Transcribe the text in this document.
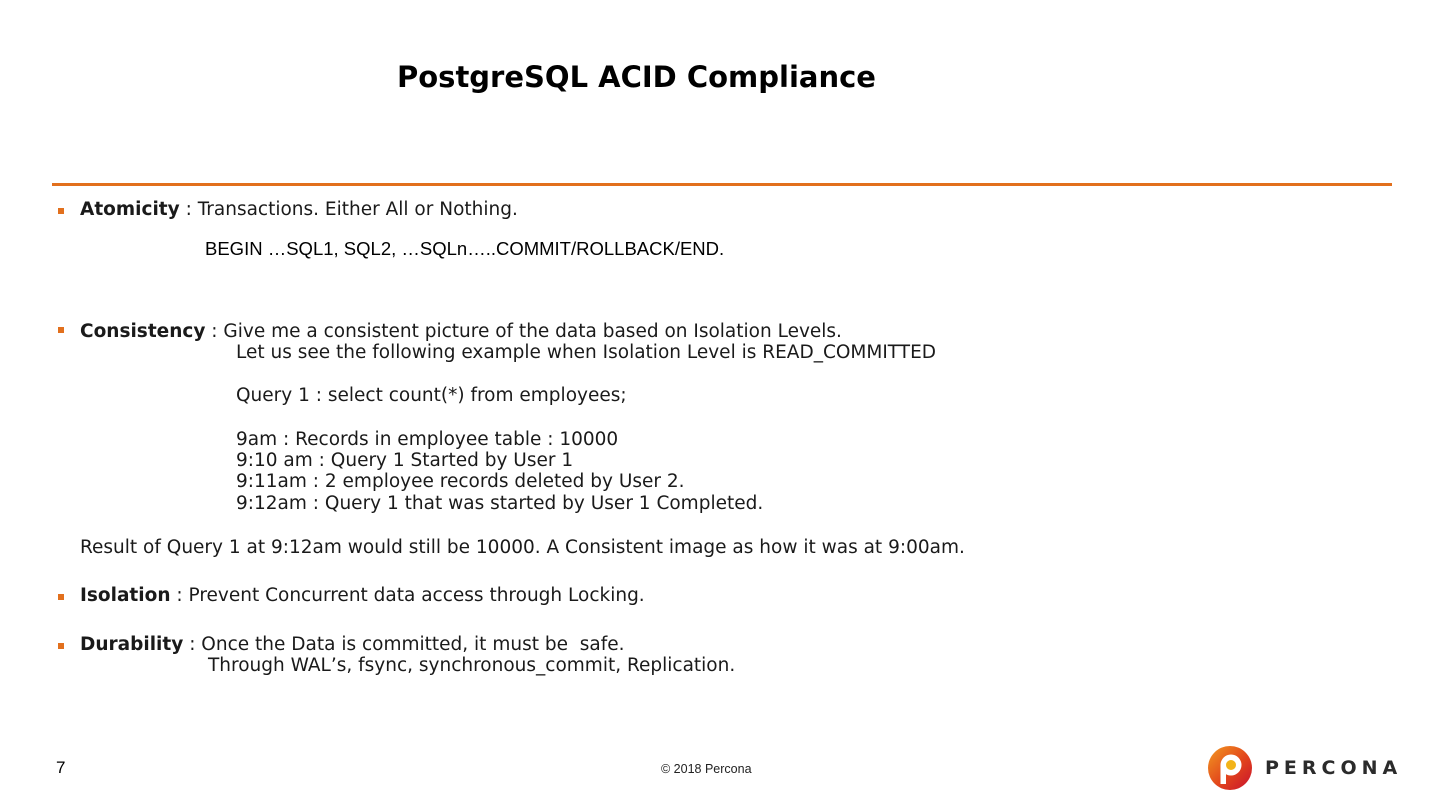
PostgreSQL ACID Compliance
Atomicity : Transactions. Either All or Nothing.
BEGIN …SQL1, SQL2, …SQLn…..COMMIT/ROLLBACK/END.
Consistency : Give me a consistent picture of the data based on Isolation Levels.
Let us see the following example when Isolation Level is READ_COMMITTED
Query 1 : select count(*) from employees;
9am : Records in employee table : 10000
9:10 am : Query 1 Started by User 1
9:11am : 2 employee records deleted by User 2.
9:12am : Query 1 that was started by User 1 Completed.
Result of Query 1 at 9:12am would still be 10000. A Consistent image as how it was at 9:00am.
Isolation : Prevent Concurrent data access through Locking.
Durability : Once the Data is committed, it must be  safe.
Through WAL’s, fsync, synchronous_commit, Replication.
7	© 2018 Percona	PERCONA
